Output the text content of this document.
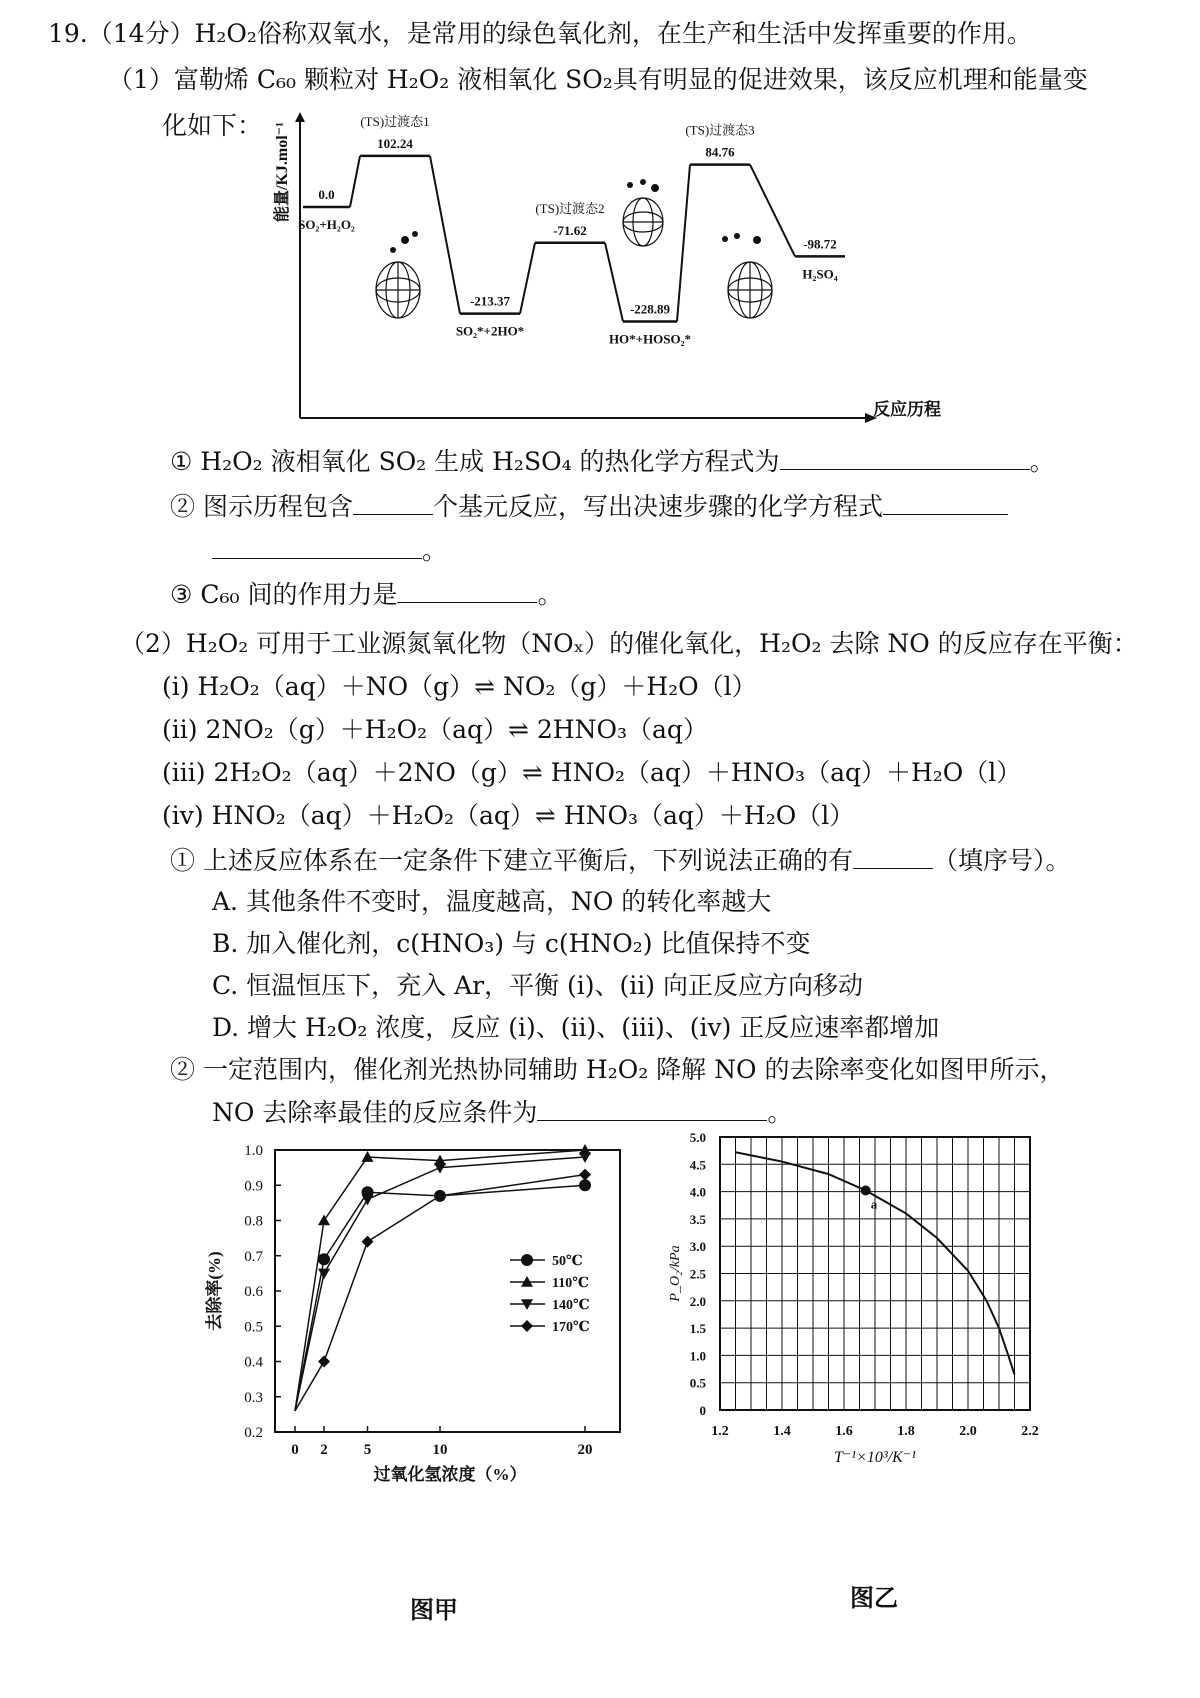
19.（14分）H₂O₂俗称双氧水，是常用的绿色氧化剂，在生产和生活中发挥重要的作用。
（1）富勒烯 C₆₀ 颗粒对 H₂O₂ 液相氧化 SO₂具有明显的促进效果，该反应机理和能量变
化如下： 能量/KJ.mol⁻¹
反应历程
0.0
SO₂+H₂O₂
102.24
(TS)过渡态1
-213.37
SO₂*+2HO*
-71.62
(TS)过渡态2
-228.89
HO*+HOSO₂*
84.76
(TS)过渡态3
-98.72
H₂SO₄
① H₂O₂ 液相氧化 SO₂ 生成 H₂SO₄ 的热化学方程式为	。
② 图示历程包含	个基元反应，写出决速步骤的化学方程式
。
③ C₆₀ 间的作用力是	。
（2）H₂O₂ 可用于工业源氮氧化物（NOₓ）的催化氧化，H₂O₂ 去除 NO 的反应存在平衡：
(i) H₂O₂（aq）＋NO（g）⇌ NO₂（g）＋H₂O（l）
(ii) 2NO₂（g）＋H₂O₂（aq）⇌ 2HNO₃（aq）
(iii) 2H₂O₂（aq）＋2NO（g）⇌ HNO₂（aq）＋HNO₃（aq）＋H₂O（l）
(iv) HNO₂（aq）＋H₂O₂（aq）⇌ HNO₃（aq）＋H₂O（l）
① 上述反应体系在一定条件下建立平衡后，下列说法正确的有	（填序号）。
A. 其他条件不变时，温度越高，NO 的转化率越大
B. 加入催化剂，c(HNO₃) 与 c(HNO₂) 比值保持不变
C. 恒温恒压下，充入 Ar，平衡 (i)、(ii) 向正反应方向移动
D. 增大 H₂O₂ 浓度，反应 (i)、(ii)、(iii)、(iv) 正反应速率都增加
② 一定范围内，催化剂光热协同辅助 H₂O₂ 降解 NO 的去除率变化如图甲所示，
NO 去除率最佳的反应条件为	。
0.2
0.3
0.4
0.5
0.6
0.7
0.8
0.9
1.0
0 2 5	10	20
过氧化氢浓度（%）
去除率(%)	50℃
110℃
140℃
170℃
0
0.5
1.0
1.5
2.0
2.5
3.0
3.5
4.0
4.5
5.0
1.2	1.4	1.6	1.8	2.0	2.2
T⁻¹×10³/K⁻¹
P_O₂/kPa
a
图甲	图乙
